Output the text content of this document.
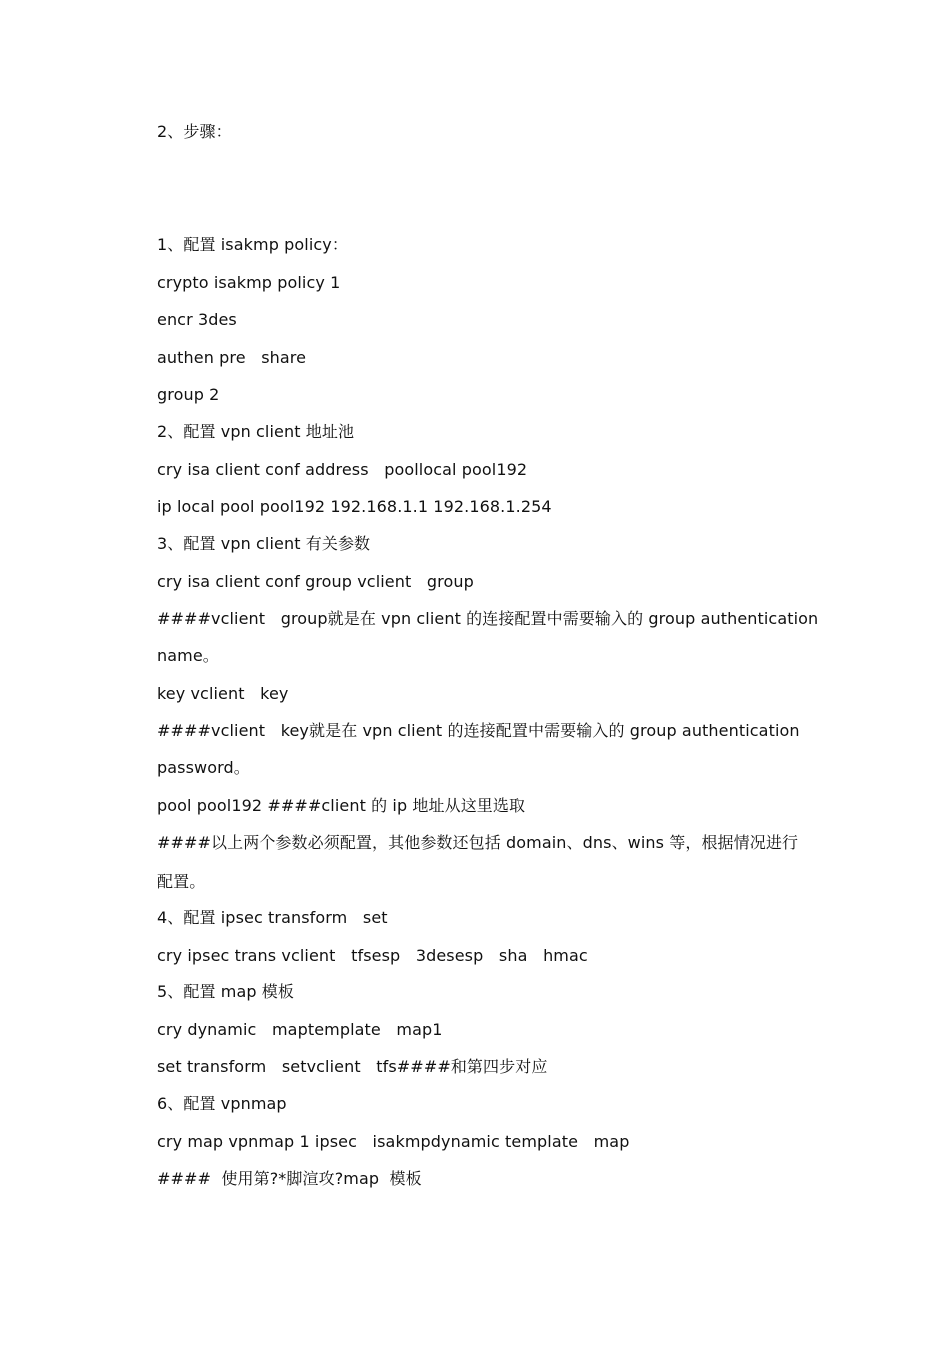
2、步骤：
1、配置 isakmp policy：
crypto isakmp policy 1
encr 3des
authen pre   share
group 2
2、配置 vpn client 地址池
cry isa client conf address   poollocal pool192
ip local pool pool192 192.168.1.1 192.168.1.254
3、配置 vpn client 有关参数
cry isa client conf group vclient   group
####vclient   group就是在 vpn client 的连接配置中需要输入的 group authentication
name。
key vclient   key
####vclient   key就是在 vpn client 的连接配置中需要输入的 group authentication
password。
pool pool192 ####client 的 ip 地址从这里选取
####以上两个参数必须配置，其他参数还包括 domain、dns、wins 等，根据情况进行
配置。
4、配置 ipsec transform   set
cry ipsec trans vclient   tfsesp   3desesp   sha   hmac
5、配置 map 模板
cry dynamic   maptemplate   map1
set transform   setvclient   tfs####和第四步对应
6、配置 vpnmap
cry map vpnmap 1 ipsec   isakmpdynamic template   map
####  使用第?*脚渲攻?map  模板
